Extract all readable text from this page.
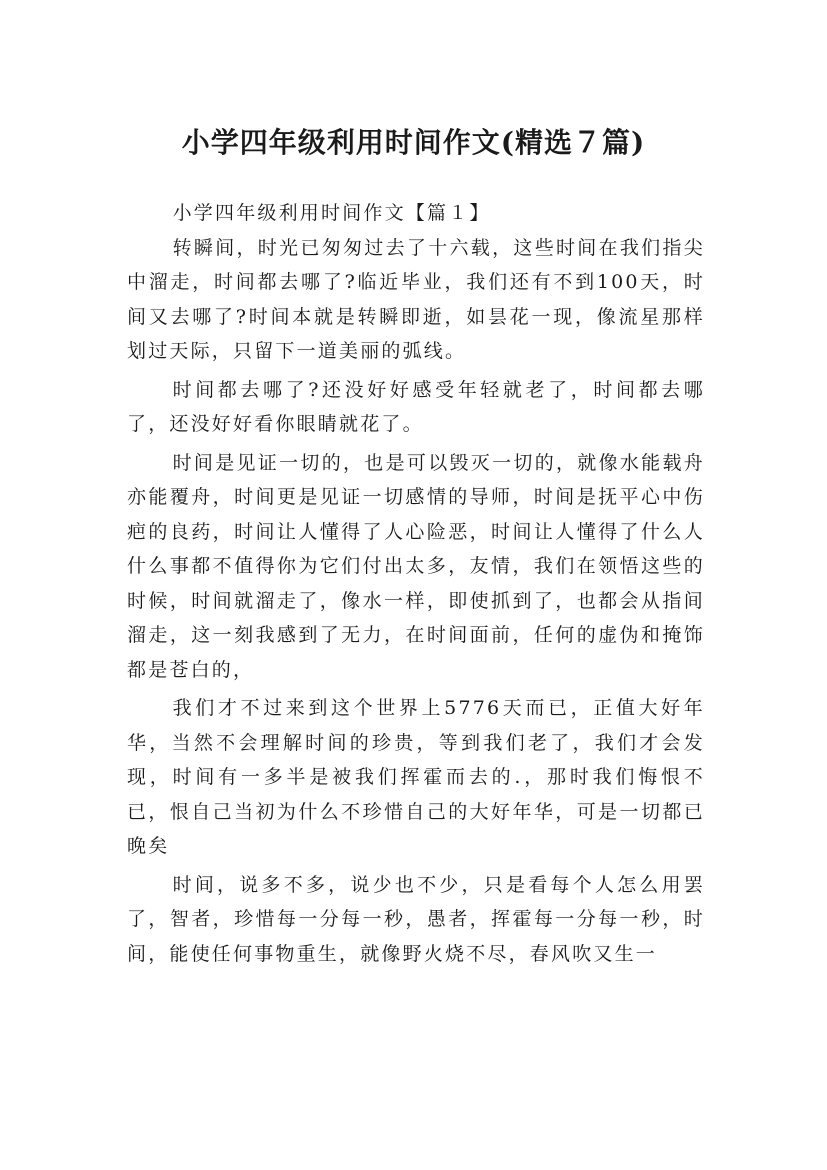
小学四年级利用时间作文(精选７篇)

小学四年级利用时间作文【篇１】

转瞬间，时光已匆匆过去了十六载，这些时间在我们指尖中溜走，时间都去哪了?临近毕业，我们还有不到100天，时间又去哪了?时间本就是转瞬即逝，如昙花一现，像流星那样划过天际，只留下一道美丽的弧线。

时间都去哪了?还没好好感受年轻就老了，时间都去哪了，还没好好看你眼睛就花了。

时间是见证一切的，也是可以毁灭一切的，就像水能载舟亦能覆舟，时间更是见证一切感情的导师，时间是抚平心中伤疤的良药，时间让人懂得了人心险恶，时间让人懂得了什么人什么事都不值得你为它们付出太多，友情，我们在领悟这些的时候，时间就溜走了，像水一样，即使抓到了，也都会从指间溜走，这一刻我感到了无力，在时间面前，任何的虚伪和掩饰都是苍白的，

我们才不过来到这个世界上5776天而已，正值大好年华，当然不会理解时间的珍贵，等到我们老了，我们才会发现，时间有一多半是被我们挥霍而去的.，那时我们悔恨不已，恨自己当初为什么不珍惜自己的大好年华，可是一切都已晚矣

时间，说多不多，说少也不少，只是看每个人怎么用罢了，智者，珍惜每一分每一秒，愚者，挥霍每一分每一秒，时间，能使任何事物重生，就像野火烧不尽，春风吹又生一
